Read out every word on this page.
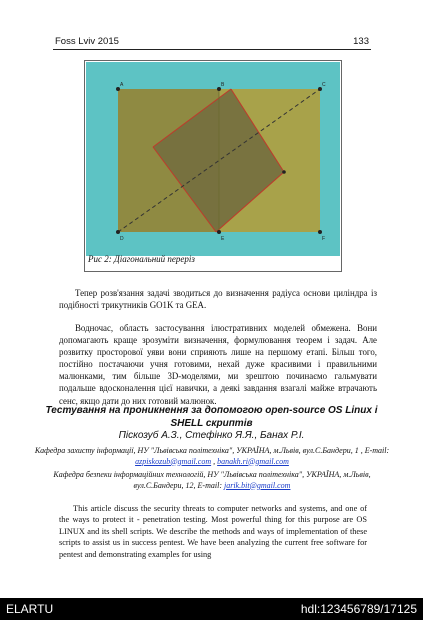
Foss Lviv 2015	133
A	B	C
D	E	F
Рис 2: Діагональний переріз

Тепер розв'язання задачі зводиться до визначення радіуса основи циліндра із подібності трикутників GO1K та GEA.

Водночас, область застосування ілюстративних моделей обмежена. Вони допомагають краще зрозуміти визначення, формулювання теорем і задач. Але розвитку просторової уяви вони сприяють лише на першому етапі. Більш того, постійно постачаючи учня готовими, нехай дуже красивими і правильними малюнками, тим більше 3D-моделями, ми зрештою починаємо гальмувати подальше вдосконалення цієї навички, а деякі завдання взагалі майже втрачають сенс, якщо дати до них готовий малюнок.

Тестування на проникнення за допомогою open-source OS Linux і SHELL скриптів
Піскозуб А.З., Стефінко Я.Я., Банах Р.І.
Кафедра захисту інформації, НУ "Львівська політехніка", УКРАЇНА, м.Львів, вул.С.Бандери, 1 , E-mail: azpiskozub@gmail.com , banakh.ri@gmail.com
Кафедра безпеки інформаційних технологій, НУ "Львівська політехніка", УКРАЇНА, м.Львів, вул.С.Бандери, 12, E-mail: jarik.bit@gmail.com

This article discuss the security threats to computer networks and systems, and one of the ways to protect it - penetration testing. Most powerful thing for this purpose are OS LINUX and its shell scripts. We describe the methods and ways of implementation of these scripts to assist us in success pentest. We have been analyzing the current free software for pentest and demonstrating examples for using

ELARTU	hdl:123456789/17125
